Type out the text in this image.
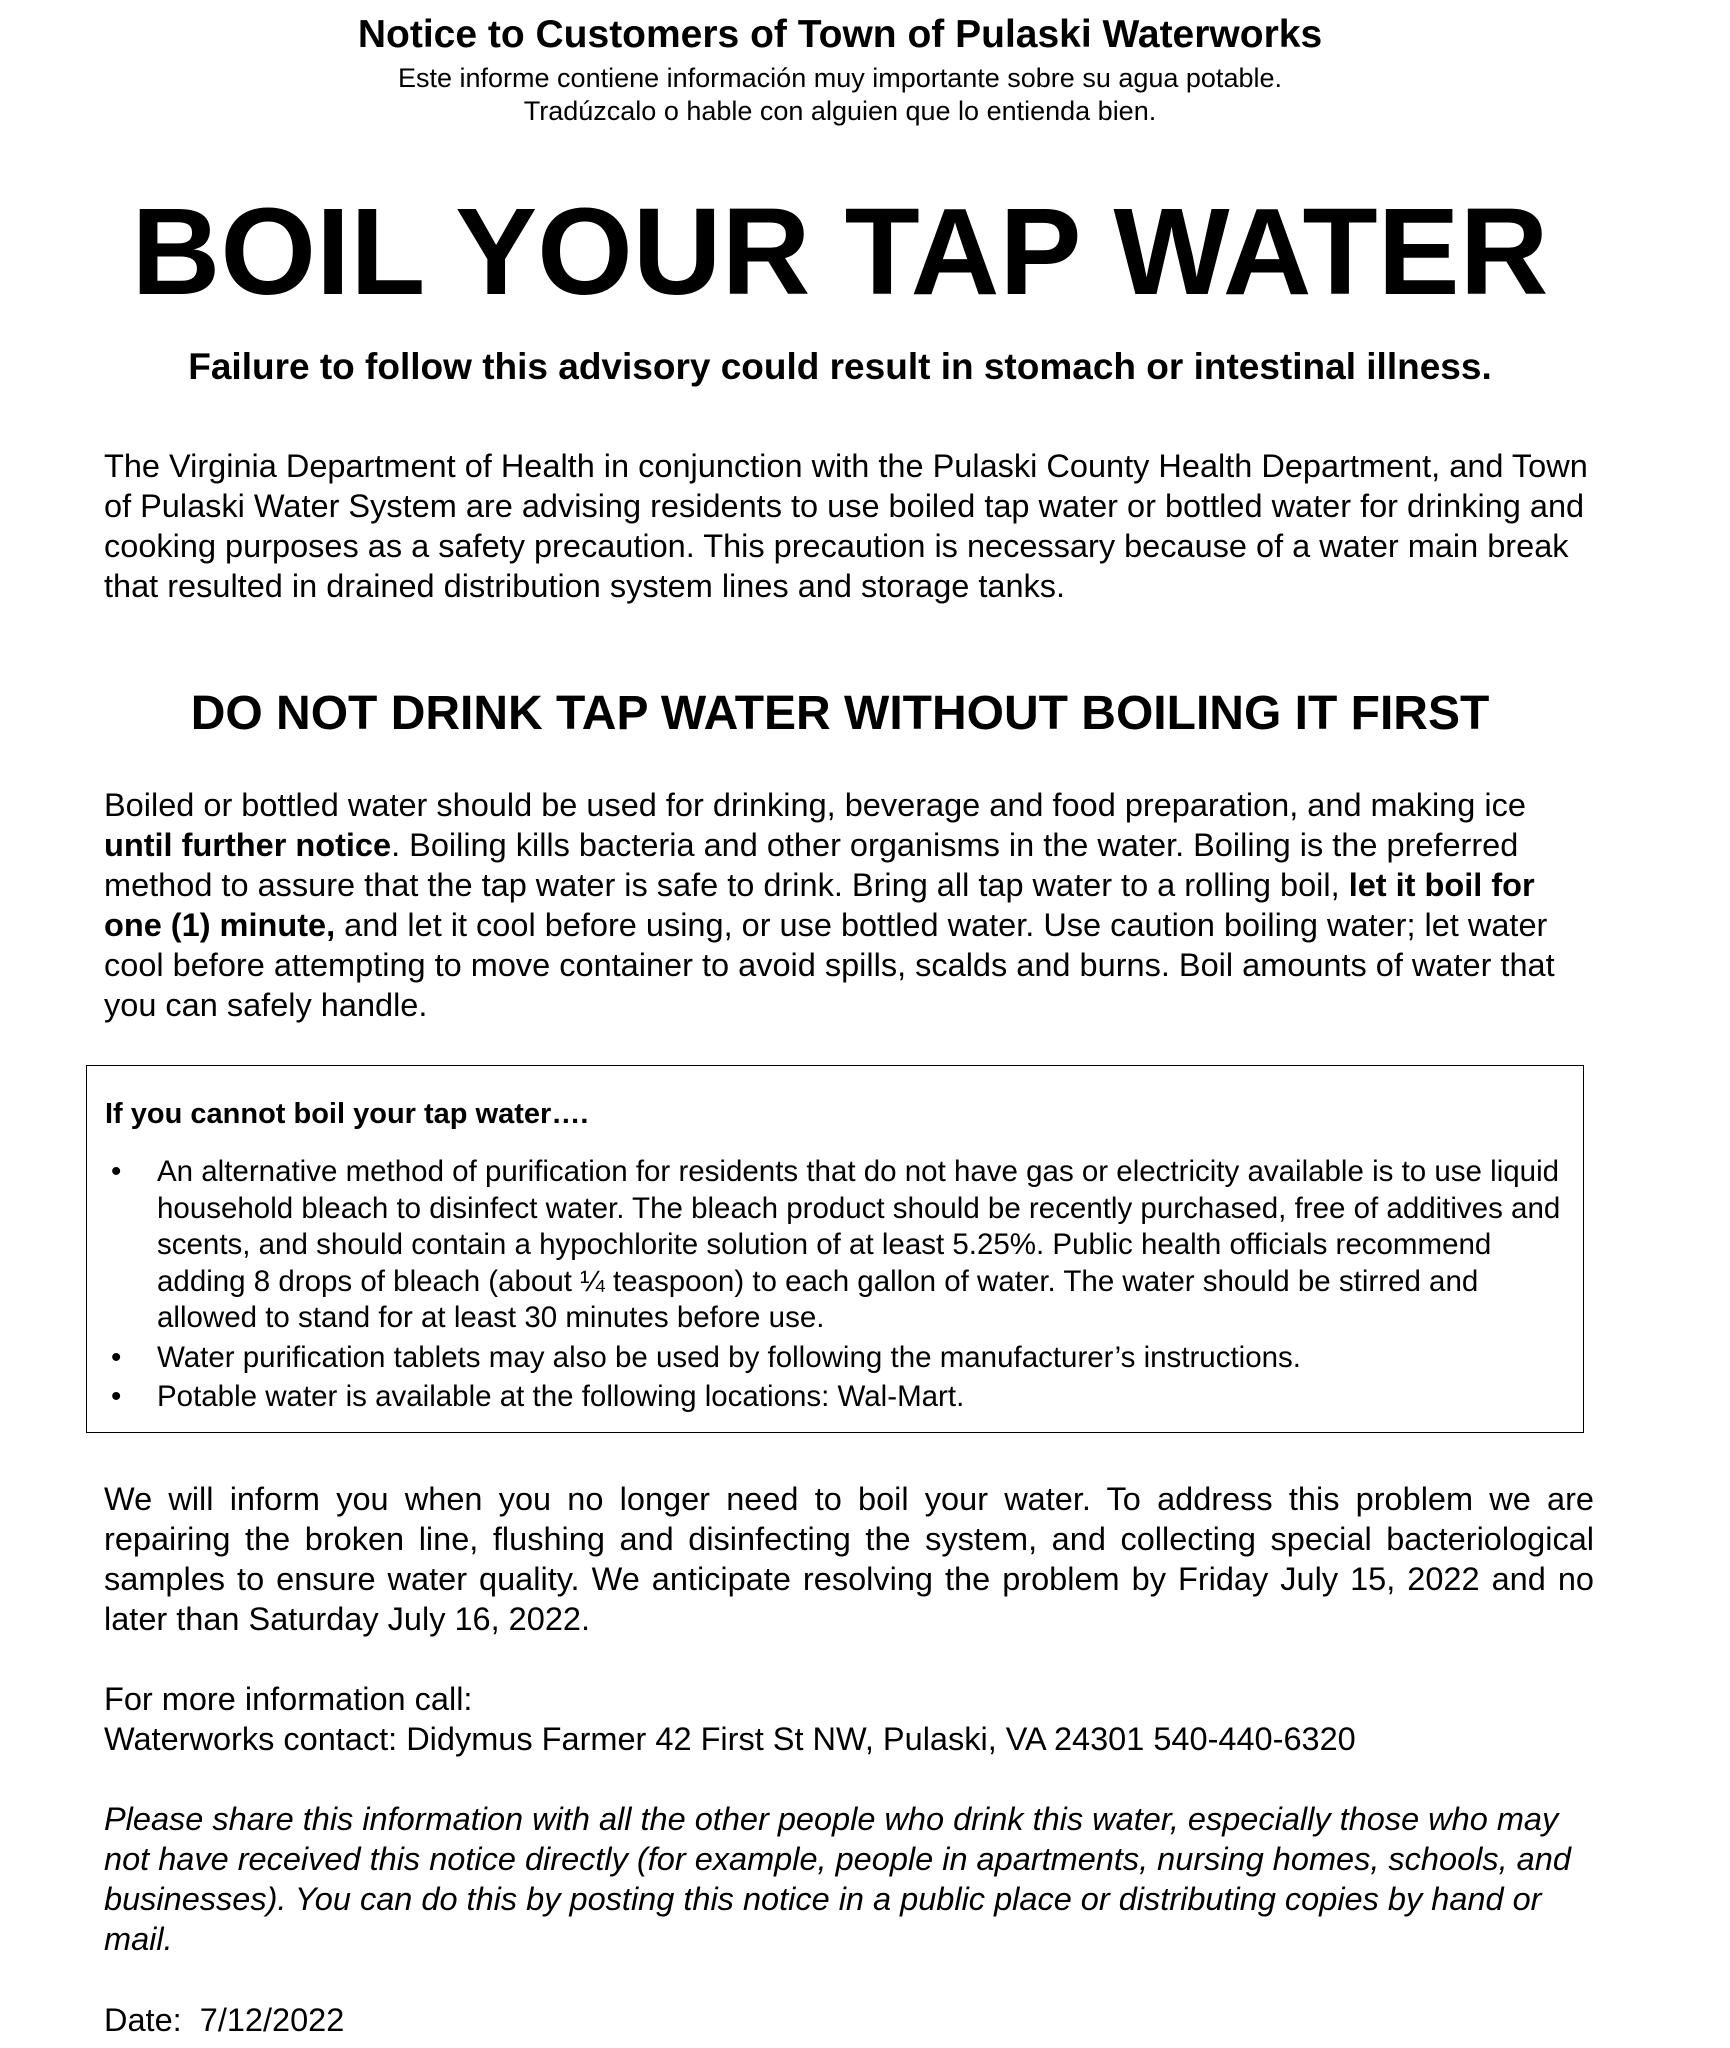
Notice to Customers of Town of Pulaski Waterworks
Este informe contiene información muy importante sobre su agua potable.
Tradúzcalo o hable con alguien que lo entienda bien.
BOIL YOUR TAP WATER
Failure to follow this advisory could result in stomach or intestinal illness.

The Virginia Department of Health in conjunction with the Pulaski County Health Department, and Town of Pulaski Water System are advising residents to use boiled tap water or bottled water for drinking and cooking purposes as a safety precaution. This precaution is necessary because of a water main break that resulted in drained distribution system lines and storage tanks.

DO NOT DRINK TAP WATER WITHOUT BOILING IT FIRST

Boiled or bottled water should be used for drinking, beverage and food preparation, and making ice until further notice. Boiling kills bacteria and other organisms in the water. Boiling is the preferred method to assure that the tap water is safe to drink. Bring all tap water to a rolling boil, let it boil for one (1) minute, and let it cool before using, or use bottled water. Use caution boiling water; let water cool before attempting to move container to avoid spills, scalds and burns. Boil amounts of water that you can safely handle.

If you cannot boil your tap water….
• An alternative method of purification for residents that do not have gas or electricity available is to use liquid household bleach to disinfect water. The bleach product should be recently purchased, free of additives and scents, and should contain a hypochlorite solution of at least 5.25%. Public health officials recommend adding 8 drops of bleach (about ¼ teaspoon) to each gallon of water. The water should be stirred and allowed to stand for at least 30 minutes before use.
• Water purification tablets may also be used by following the manufacturer’s instructions.
• Potable water is available at the following locations: Wal-Mart.

We will inform you when you no longer need to boil your water. To address this problem we are repairing the broken line, flushing and disinfecting the system, and collecting special bacteriological samples to ensure water quality. We anticipate resolving the problem by Friday July 15, 2022 and no later than Saturday July 16, 2022.

For more information call:
Waterworks contact: Didymus Farmer 42 First St NW, Pulaski, VA 24301 540-440-6320

Please share this information with all the other people who drink this water, especially those who may not have received this notice directly (for example, people in apartments, nursing homes, schools, and businesses). You can do this by posting this notice in a public place or distributing copies by hand or mail.

Date: 7/12/2022
